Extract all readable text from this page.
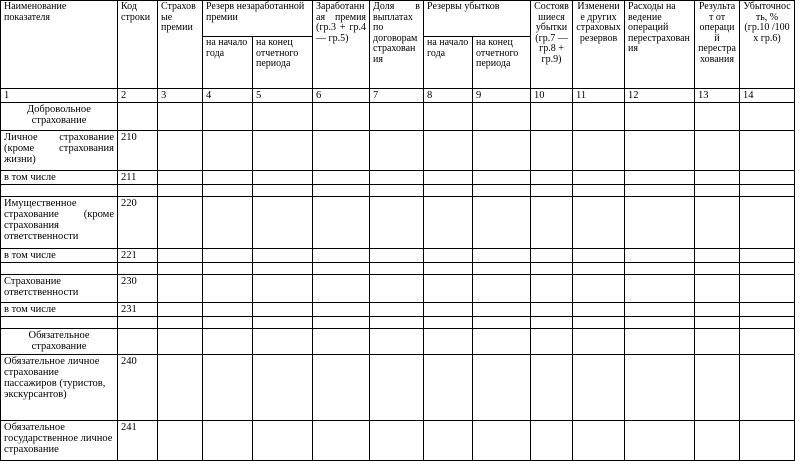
Наименование показателя	Код строки	Страховые премии	Резерв незаработанной премии		Заработанная премия (гр.3 + гр.4 — гр.5)	Доля в выплатах по договорам страхования	Резервы убытков		Состоявшиеся убытки (гр.7 — гр.8 + гр.9)	Изменение других страховых резервов	Расходы на ведение операций перестрахования	Результат от операций перестрахования	Убыточность, % (гр.10 /100 х гр.6)
			на начало года	на конец отчетного периода			на начало года	на конец отчетного периода					
1	2	3	4	5	6	7	8	9	10	11	12	13	14
Добровольное страхование													
Личное страхование (кроме страхования жизни)	210												
в том числе	211												

Имущественное страхование (кроме страхования ответственности	220												
в том числе	221												

Страхование ответственности	230												
в том числе	231												

Обязательное страхование													
Обязательное личное страхование пассажиров (туристов, экскурсантов)	240												
Обязательное государственное личное страхование	241												
